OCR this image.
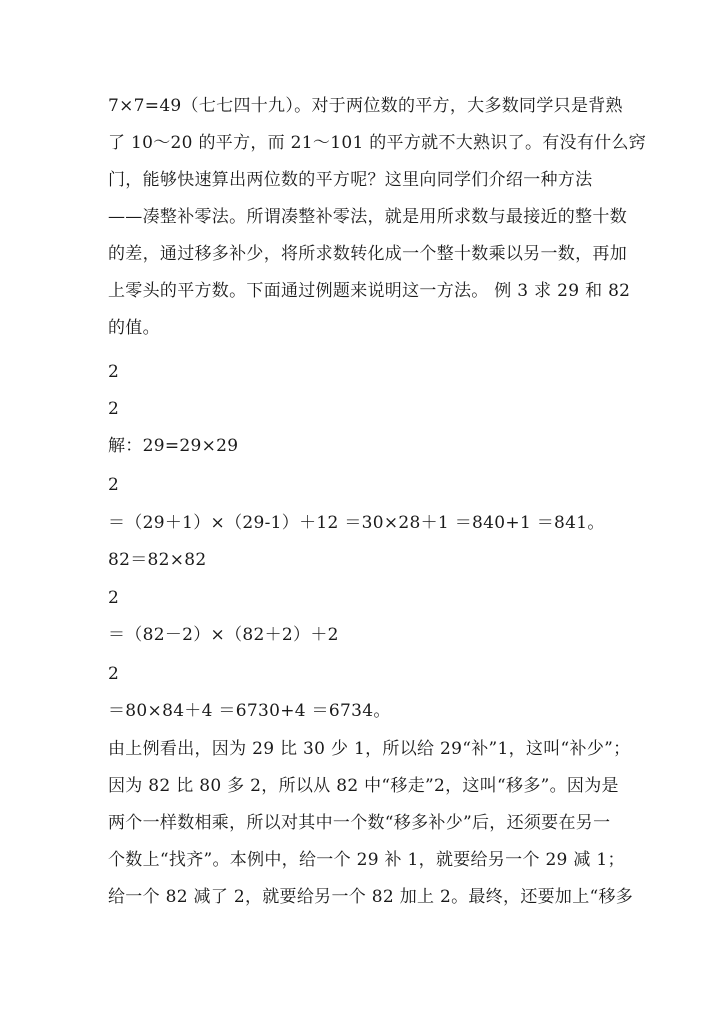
7×7=49（七七四十九）。对于两位数的平方，大多数同学只是背熟
了 10～20 的平方，而 21～101 的平方就不大熟识了。有没有什么窍
门，能够快速算出两位数的平方呢？这里向同学们介绍一种方法
——凑整补零法。所谓凑整补零法，就是用所求数与最接近的整十数
的差，通过移多补少，将所求数转化成一个整十数乘以另一数，再加
上零头的平方数。下面通过例题来说明这一方法。 例 3 求 29 和 82
的值。
2
2
解：29=29×29
2
＝（29＋1）×（29-1）＋12 ＝30×28＋1 ＝840+1 ＝841。
82＝82×82
2
＝（82－2）×（82＋2）＋2
2
＝80×84＋4 ＝6730+4 ＝6734。
由上例看出，因为 29 比 30 少 1，所以给 29“补”1，这叫“补少”；
因为 82 比 80 多 2，所以从 82 中“移走”2，这叫“移多”。因为是
两个一样数相乘，所以对其中一个数“移多补少”后，还须要在另一
个数上“找齐”。本例中，给一个 29 补 1，就要给另一个 29 减 1；
给一个 82 减了 2，就要给另一个 82 加上 2。最终，还要加上“移多
